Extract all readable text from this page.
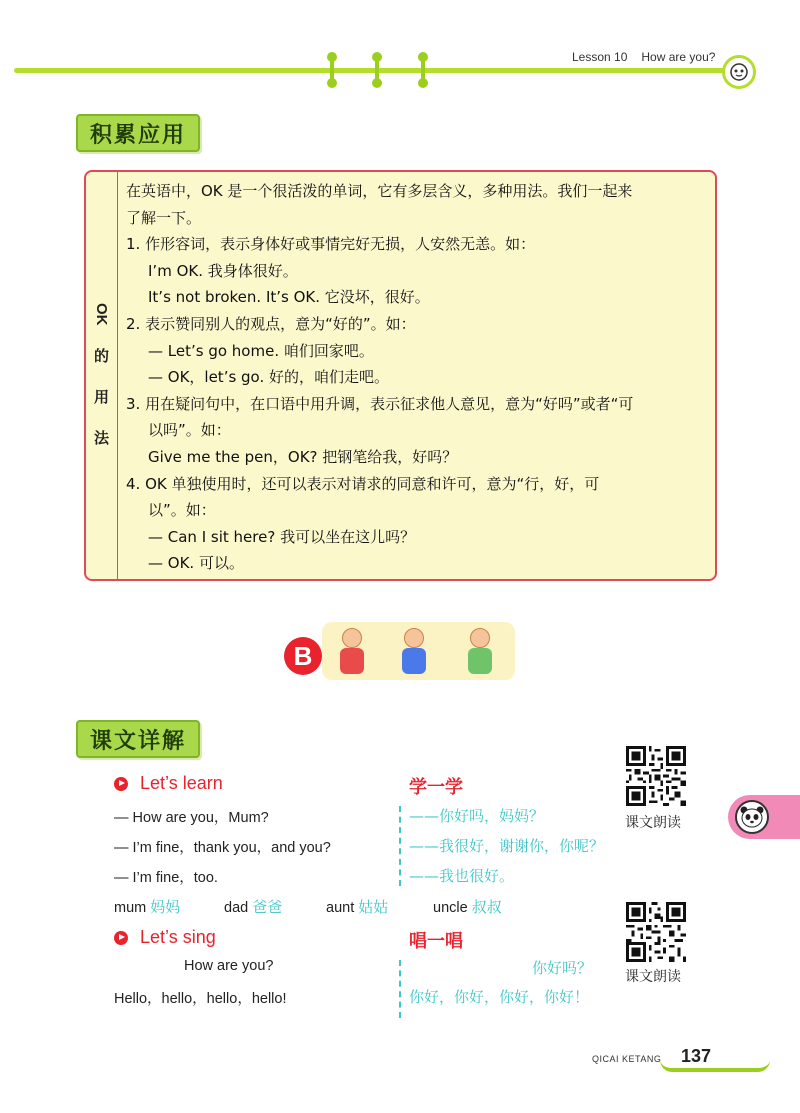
Lesson 10 How are you?
积累应用
OK
的
用
法

在英语中，OK 是一个很活泼的单词，它有多层含义，多种用法。我们一起来

了解一下。

1. 作形容词，表示身体好或事情完好无损，人安然无恙。如：

I’m OK. 我身体很好。

It’s not broken. It’s OK. 它没坏，很好。

2. 表示赞同别人的观点，意为“好的”。如：

— Let’s go home. 咱们回家吧。

— OK，let’s go. 好的，咱们走吧。

3. 用在疑问句中，在口语中用升调，表示征求他人意见，意为“好吗”或者“可

以吗”。如：

Give me the pen，OK? 把钢笔给我，好吗？

4. OK 单独使用时，还可以表示对请求的同意和许可，意为“行，好，可

以”。如：

— Can I sit here? 我可以坐在这儿吗？

— OK. 可以。

B
课文详解
Let’s learn	学一学
— How are you，Mum?
— I’m fine，thank you，and you?
— I’m fine，too.
——你好吗，妈妈？
——我很好，谢谢你，你呢？
——我也很好。
mum 妈妈	dad 爸爸	aunt 姑姑	uncle 叔叔
Let’s sing	唱一唱
How are you?
Hello，hello，hello，hello!
你好吗？
你好，你好，你好，你好！
课文朗读
课文朗读
QICAI KETANG 137
